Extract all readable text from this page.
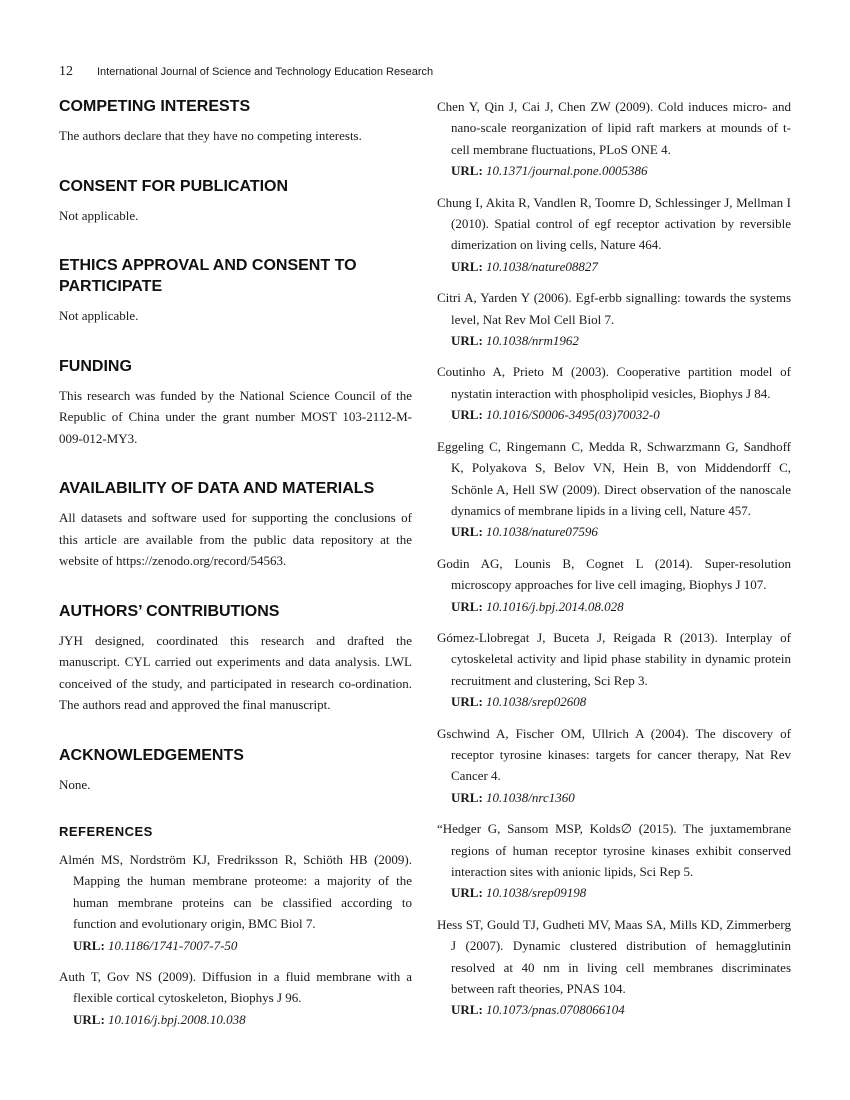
12 International Journal of Science and Technology Education Research
COMPETING INTERESTS

The authors declare that they have no competing interests.

CONSENT FOR PUBLICATION

Not applicable.

ETHICS APPROVAL AND CONSENT TO PARTICIPATE

Not applicable.

FUNDING

This research was funded by the National Science Council of the Republic of China under the grant number MOST 103-2112-M-009-012-MY3.

AVAILABILITY OF DATA AND MATERIALS

All datasets and software used for supporting the conclusions of this article are available from the public data repository at the website of https://zenodo.org/record/54563.

AUTHORS’ CONTRIBUTIONS

JYH designed, coordinated this research and drafted the manuscript. CYL carried out experiments and data analysis. LWL conceived of the study, and participated in research co-ordination. The authors read and approved the final manuscript.

ACKNOWLEDGEMENTS

None.

REFERENCES
Almén MS, Nordström KJ, Fredriksson R, Schiöth HB (2009). Mapping the human membrane proteome: a majority of the human membrane proteins can be classified according to function and evolutionary origin, BMC Biol 7.
URL: 10.1186/1741-7007-7-50
Auth T, Gov NS (2009). Diffusion in a fluid membrane with a flexible cortical cytoskeleton, Biophys J 96.
URL: 10.1016/j.bpj.2008.10.038
Chen Y, Qin J, Cai J, Chen ZW (2009). Cold induces micro- and nano-scale reorganization of lipid raft markers at mounds of t-cell membrane fluctuations, PLoS ONE 4.
URL: 10.1371/journal.pone.0005386
Chung I, Akita R, Vandlen R, Toomre D, Schlessinger J, Mellman I (2010). Spatial control of egf receptor activation by reversible dimerization on living cells, Nature 464.
URL: 10.1038/nature08827
Citri A, Yarden Y (2006). Egf-erbb signalling: towards the systems level, Nat Rev Mol Cell Biol 7.
URL: 10.1038/nrm1962
Coutinho A, Prieto M (2003). Cooperative partition model of nystatin interaction with phospholipid vesicles, Biophys J 84.
URL: 10.1016/S0006-3495(03)70032-0
Eggeling C, Ringemann C, Medda R, Schwarzmann G, Sandhoff K, Polyakova S, Belov VN, Hein B, von Middendorff C, Schönle A, Hell SW (2009). Direct observation of the nanoscale dynamics of membrane lipids in a living cell, Nature 457.
URL: 10.1038/nature07596
Godin AG, Lounis B, Cognet L (2014). Super-resolution microscopy approaches for live cell imaging, Biophys J 107.
URL: 10.1016/j.bpj.2014.08.028
Gómez-Llobregat J, Buceta J, Reigada R (2013). Interplay of cytoskeletal activity and lipid phase stability in dynamic protein recruitment and clustering, Sci Rep 3.
URL: 10.1038/srep02608
Gschwind A, Fischer OM, Ullrich A (2004). The discovery of receptor tyrosine kinases: targets for cancer therapy, Nat Rev Cancer 4.
URL: 10.1038/nrc1360
“Hedger G, Sansom MSP, Kolds∅ (2015). The juxtamembrane regions of human receptor tyrosine kinases exhibit conserved interaction sites with anionic lipids, Sci Rep 5.
URL: 10.1038/srep09198
Hess ST, Gould TJ, Gudheti MV, Maas SA, Mills KD, Zimmerberg J (2007). Dynamic clustered distribution of hemagglutinin resolved at 40 nm in living cell membranes discriminates between raft theories, PNAS 104.
URL: 10.1073/pnas.0708066104
